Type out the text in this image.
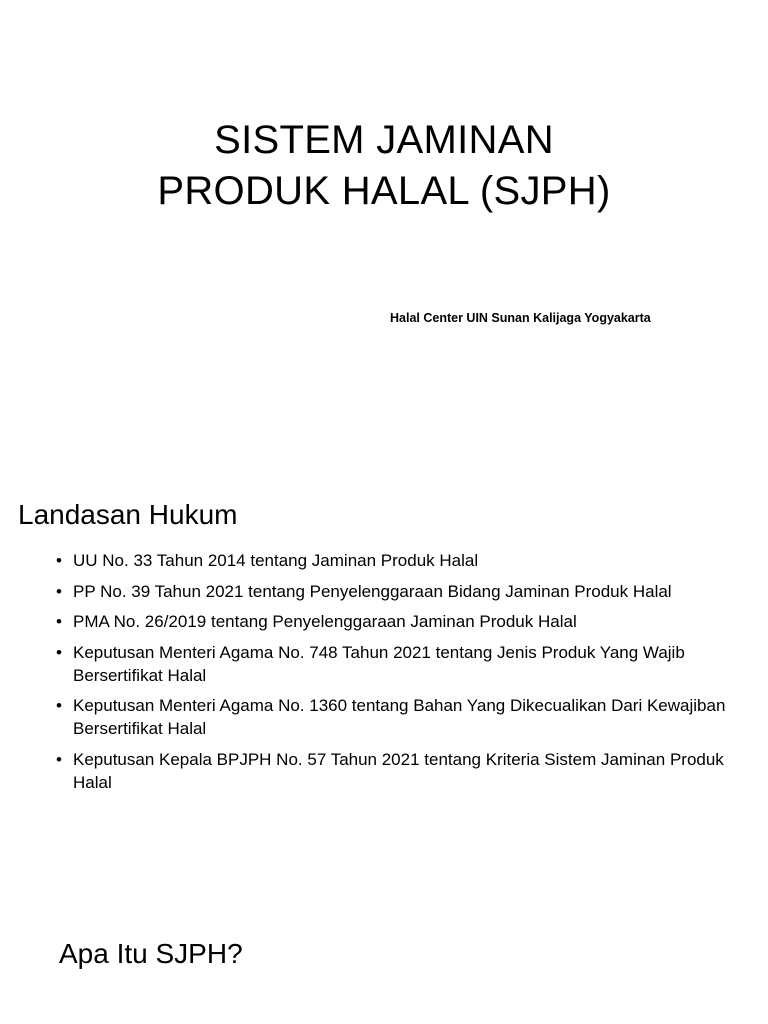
SISTEM JAMINAN
PRODUK HALAL (SJPH)
Halal Center UIN Sunan Kalijaga Yogyakarta
Landasan Hukum
• UU No. 33 Tahun 2014 tentang Jaminan Produk Halal
• PP No. 39 Tahun 2021 tentang Penyelenggaraan Bidang Jaminan Produk Halal
• PMA No. 26/2019 tentang Penyelenggaraan Jaminan Produk Halal
• Keputusan Menteri Agama No. 748 Tahun 2021 tentang Jenis Produk Yang Wajib Bersertifikat Halal
• Keputusan Menteri Agama No. 1360 tentang Bahan Yang Dikecualikan Dari Kewajiban Bersertifikat Halal
• Keputusan Kepala BPJPH No. 57 Tahun 2021 tentang Kriteria Sistem Jaminan Produk Halal
Apa Itu SJPH?
